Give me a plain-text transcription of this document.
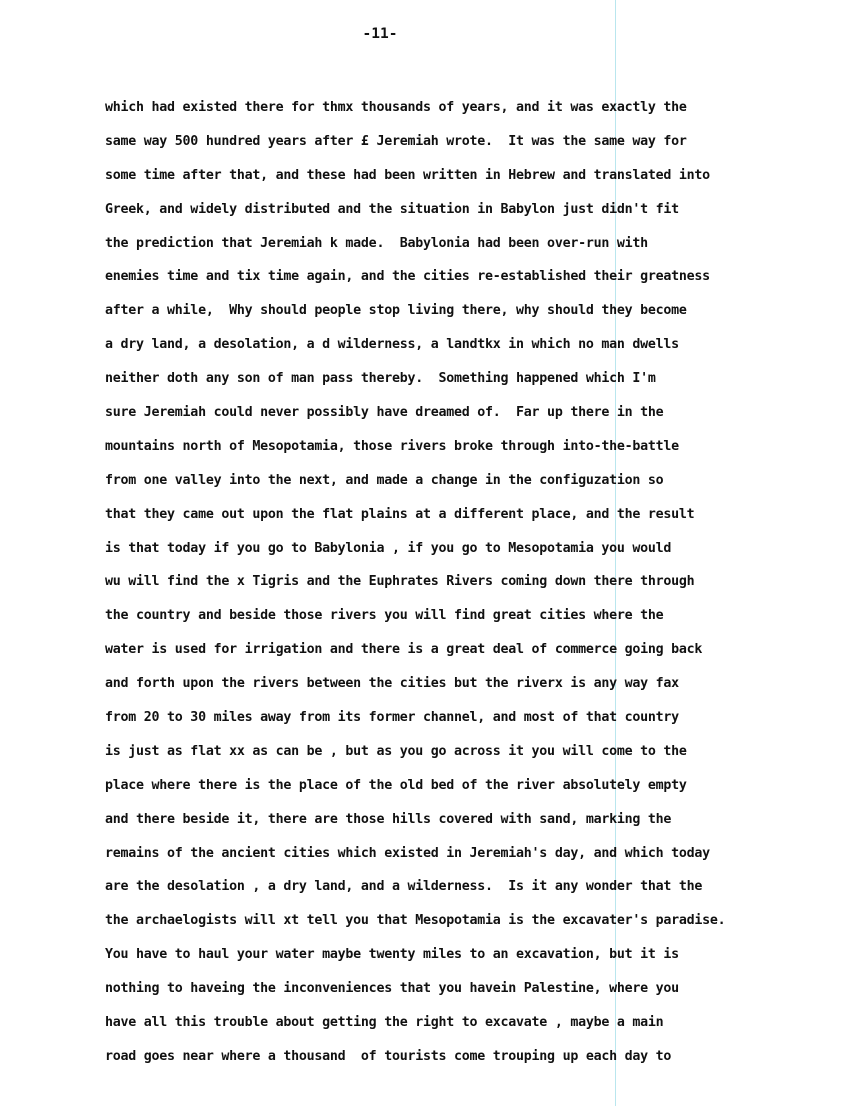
-11-
which had existed there for thmx thousands of years, and it was exactly the
same way 500 hundred years after £ Jeremiah wrote.  It was the same way for
some time after that, and these had been written in Hebrew and translated into
Greek, and widely distributed and the situation in Babylon just didn't fit
the prediction that Jeremiah k made.  Babylonia had been over-run with
enemies time and tix time again, and the cities re-established their greatness
after a while,  Why should people stop living there, why should they become
a dry land, a desolation, a d wilderness, a landtkx in which no man dwells
neither doth any son of man pass thereby.  Something happened which I'm
sure Jeremiah could never possibly have dreamed of.  Far up there in the
mountains north of Mesopotamia, those rivers broke through into-the-battle
from one valley into the next, and made a change in the configuzation so
that they came out upon the flat plains at a different place, and the result
is that today if you go to Babylonia , if you go to Mesopotamia you would
wu will find the x Tigris and the Euphrates Rivers coming down there through
the country and beside those rivers you will find great cities where the
water is used for irrigation and there is a great deal of commerce going back
and forth upon the rivers between the cities but the riverx is any way fax
from 20 to 30 miles away from its former channel, and most of that country
is just as flat xx as can be , but as you go across it you will come to the
place where there is the place of the old bed of the river absolutely empty
and there beside it, there are those hills covered with sand, marking the
remains of the ancient cities which existed in Jeremiah's day, and which today
are the desolation , a dry land, and a wilderness.  Is it any wonder that the
the archaelogists will xt tell you that Mesopotamia is the excavater's paradise.
You have to haul your water maybe twenty miles to an excavation, but it is
nothing to haveing the inconveniences that you havein Palestine, where you
have all this trouble about getting the right to excavate , maybe a main
road goes near where a thousand  of tourists come trouping up each day to
